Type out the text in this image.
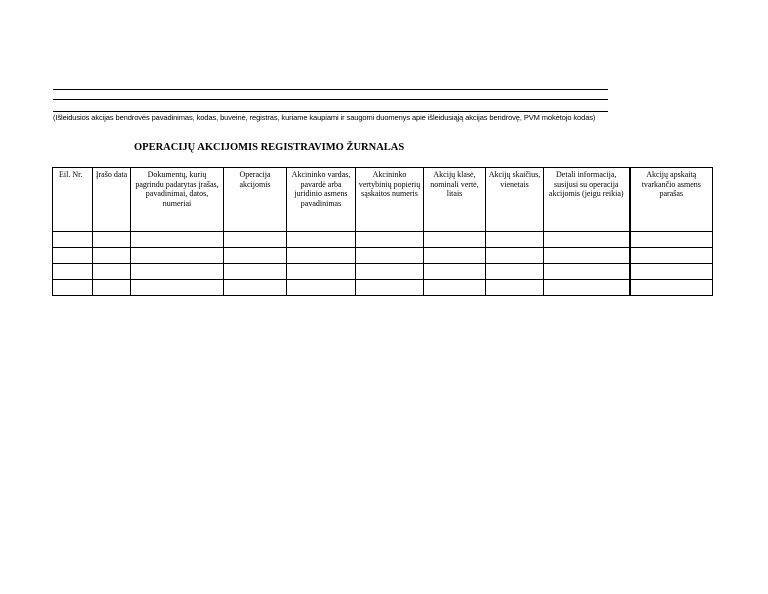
(Išleidusios akcijas bendrovės pavadinimas, kodas, buveinė, registras, kuriame kaupiami ir saugomi duomenys apie išleidusiąją akcijas bendrovę, PVM mokėtojo kodas)
OPERACIJŲ AKCIJOMIS REGISTRAVIMO ŽURNALAS
Eil. Nr.	Įrašo data	Dokumentų, kurių pagrindu padarytas įrašas, pavadinimai, datos, numeriai	Operacija akcijomis	Akcininko vardas, pavardė arba juridinio asmens pavadinimas	Akcininko vertybinių popierių sąskaitos numeris	Akcijų klasė, nominali vertė, litais	Akcijų skaičius, vienetais	Detali informacija, susijusi su operacija akcijomis (jeigu reikia)	Akcijų apskaitą tvarkančio asmens parašas
